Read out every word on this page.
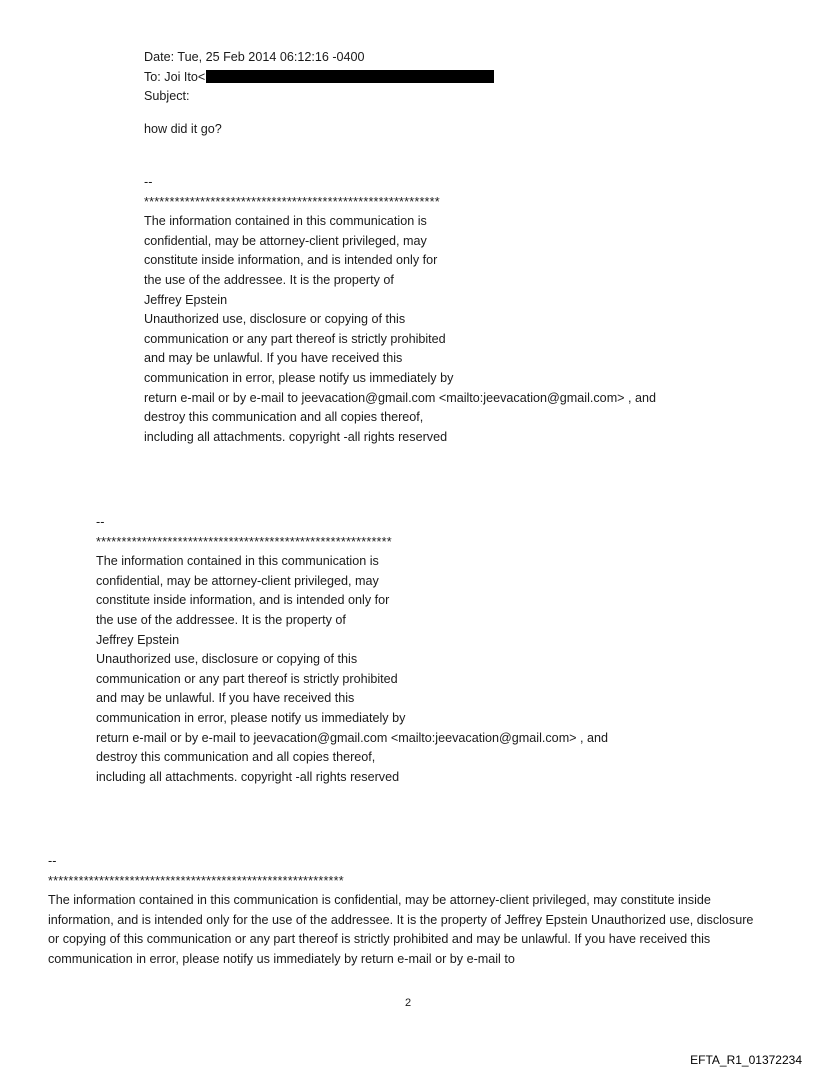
Date: Tue, 25 Feb 2014 06:12:16 -0400
To: Joi Ito<
Subject:
how did it go?
--
**********************************************************
The information contained in this communication is
confidential, may be attorney-client privileged, may
constitute inside information, and is intended only for
the use of the addressee. It is the property of
Jeffrey Epstein
Unauthorized use, disclosure or copying of this
communication or any part thereof is strictly prohibited
and may be unlawful. If you have received this
communication in error, please notify us immediately by
return e-mail or by e-mail to jeevacation@gmail.com <mailto:jeevacation@gmail.com> , and
destroy this communication and all copies thereof,
including all attachments. copyright -all rights reserved
--
**********************************************************
The information contained in this communication is
confidential, may be attorney-client privileged, may
constitute inside information, and is intended only for
the use of the addressee. It is the property of
Jeffrey Epstein
Unauthorized use, disclosure or copying of this
communication or any part thereof is strictly prohibited
and may be unlawful. If you have received this
communication in error, please notify us immediately by
return e-mail or by e-mail to jeevacation@gmail.com <mailto:jeevacation@gmail.com> , and
destroy this communication and all copies thereof,
including all attachments. copyright -all rights reserved
--
**********************************************************
The information contained in this communication is confidential, may be attorney-client privileged, may constitute inside information, and is intended only for the use of the addressee. It is the property of Jeffrey Epstein Unauthorized use, disclosure or copying of this communication or any part thereof is strictly prohibited and may be unlawful. If you have received this communication in error, please notify us immediately by return e-mail or by e-mail to
2
EFTA_R1_01372234
